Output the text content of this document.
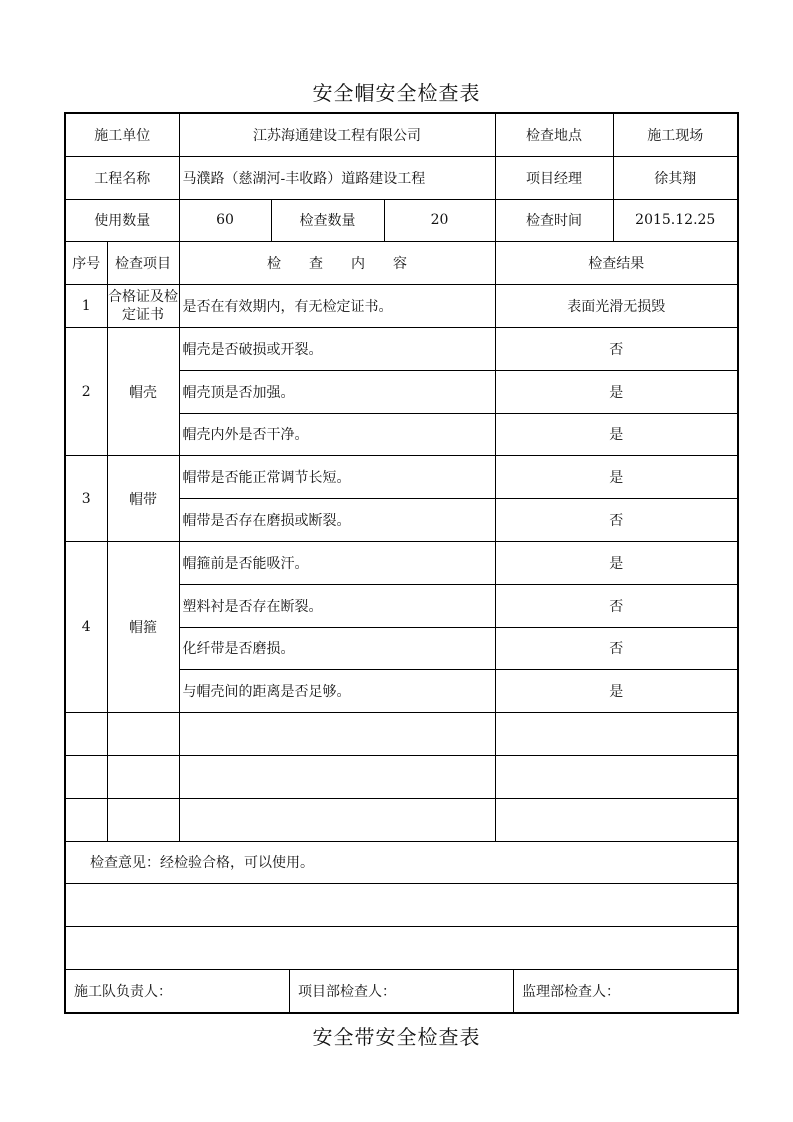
安全帽安全检查表
施工单位		江苏海通建设工程有限公司			检查地点	施工现场
工程名称		马濮路（慈湖河-丰收路）道路建设工程			项目经理	徐其翔
使用数量		60	检查数量	20	检查时间	2015.12.25
序号	检查项目	检　　查　　内　　容			检查结果	
1	合格证及检定证书	是否在有效期内，有无检定证书。			表面光滑无损毁	
2	帽壳	帽壳是否破损或开裂。			否	
		帽壳顶是否加强。			是	
		帽壳内外是否干净。			是	
3	帽带	帽带是否能正常调节长短。			是	
		帽带是否存在磨损或断裂。			否	
4	帽箍	帽箍前是否能吸汗。			是	
		塑料衬是否存在断裂。			否	
		化纤带是否磨损。			否	
		与帽壳间的距离是否足够。			是	

检查意见：经检验合格，可以使用。						

施工队负责人： 项目部检查人： 监理部检查人：						
安全带安全检查表
